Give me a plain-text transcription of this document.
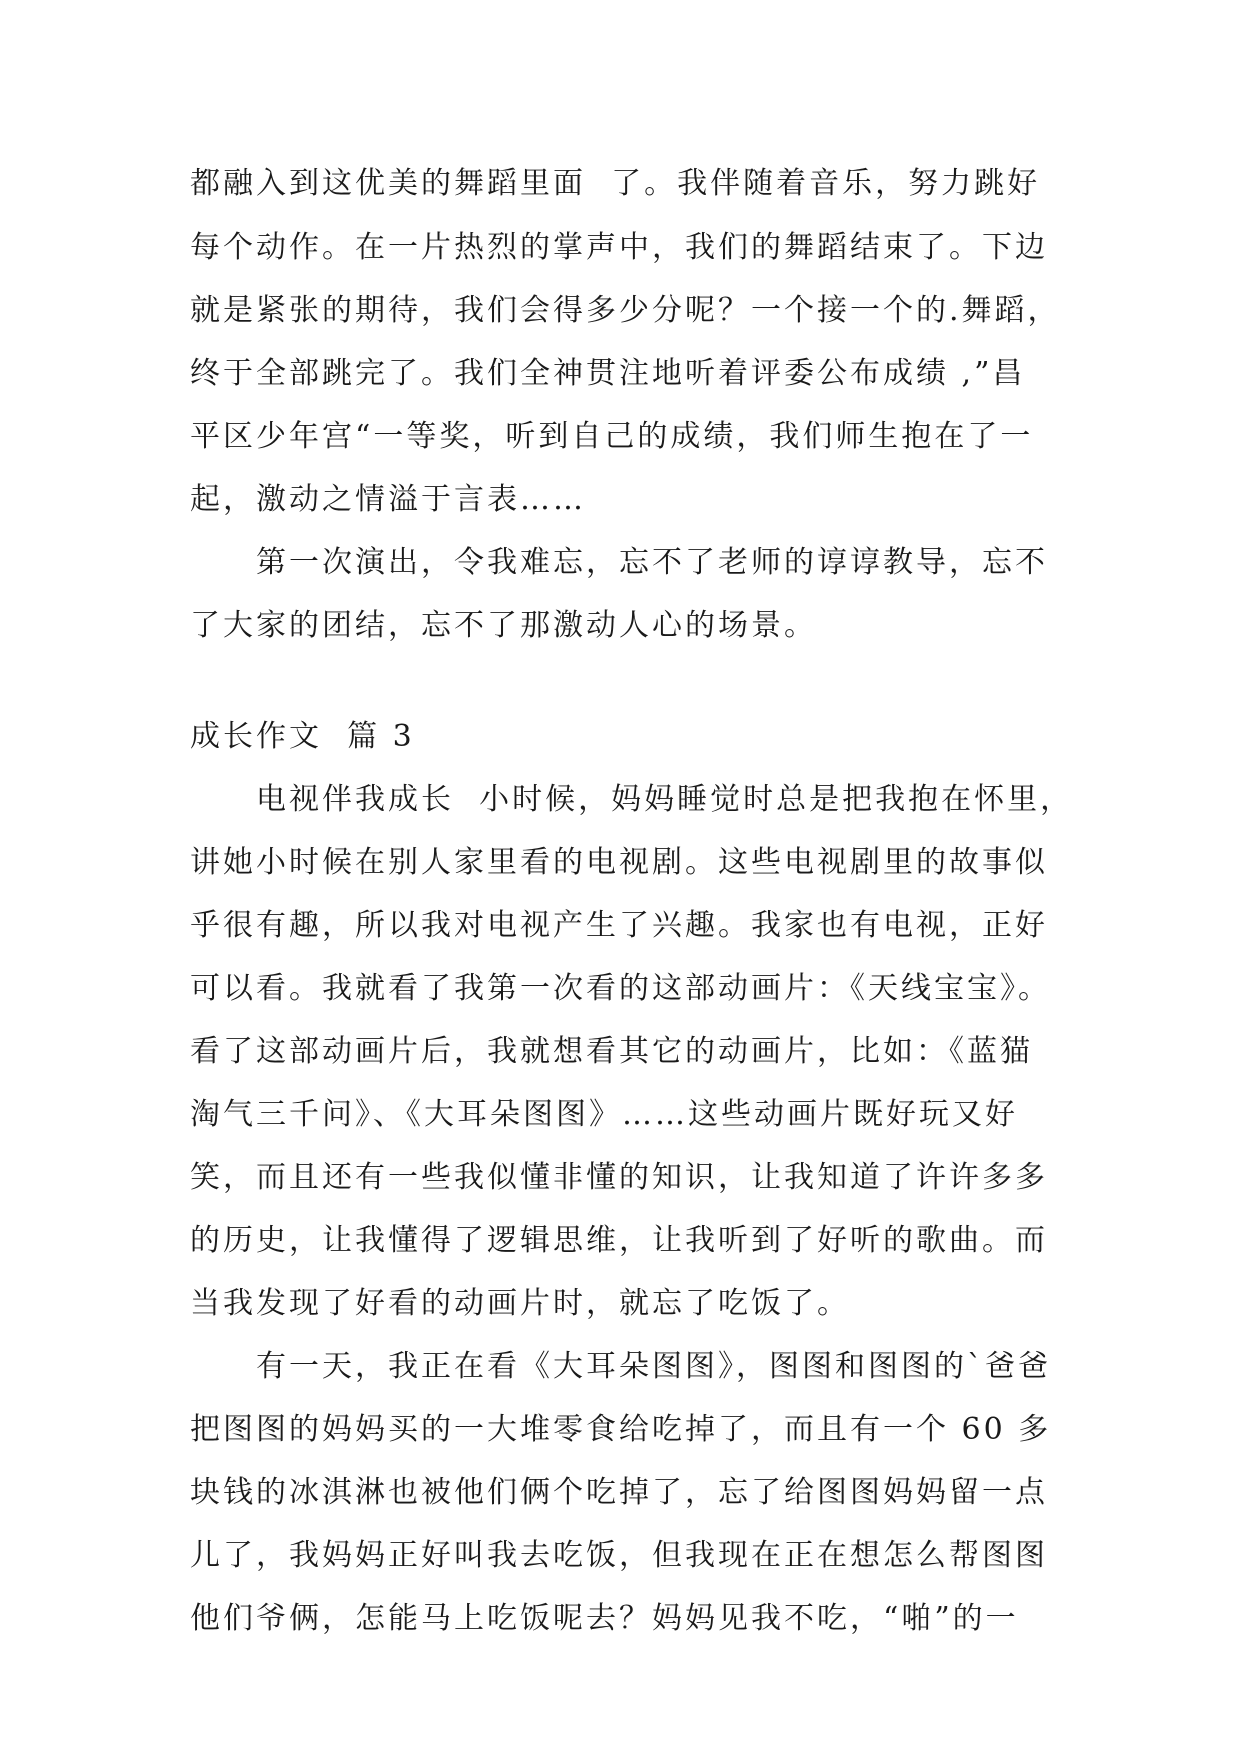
都融入到这优美的舞蹈里面  了。我伴随着音乐，努力跳好
每个动作。在一片热烈的掌声中，我们的舞蹈结束了。下边
就是紧张的期待，我们会得多少分呢？一个接一个的.舞蹈，
终于全部跳完了。我们全神贯注地听着评委公布成绩 ,”昌
平区少年宫“一等奖，听到自己的成绩，我们师生抱在了一
起，激动之情溢于言表……
第一次演出，令我难忘，忘不了老师的谆谆教导，忘不
了大家的团结，忘不了那激动人心的场景。
成长作文  篇 3
电视伴我成长  小时候，妈妈睡觉时总是把我抱在怀里，
讲她小时候在别人家里看的电视剧。这些电视剧里的故事似
乎很有趣，所以我对电视产生了兴趣。我家也有电视，正好
可以看。我就看了我第一次看的这部动画片：《天线宝宝》。
看了这部动画片后，我就想看其它的动画片，比如：《蓝猫
淘气三千问》、《大耳朵图图》……这些动画片既好玩又好
笑，而且还有一些我似懂非懂的知识，让我知道了许许多多
的历史，让我懂得了逻辑思维，让我听到了好听的歌曲。而
当我发现了好看的动画片时，就忘了吃饭了。
有一天，我正在看《大耳朵图图》，图图和图图的`爸爸
把图图的妈妈买的一大堆零食给吃掉了，而且有一个 60 多
块钱的冰淇淋也被他们俩个吃掉了，忘了给图图妈妈留一点
儿了，我妈妈正好叫我去吃饭，但我现在正在想怎么帮图图
他们爷俩，怎能马上吃饭呢去？妈妈见我不吃，“啪”的一
